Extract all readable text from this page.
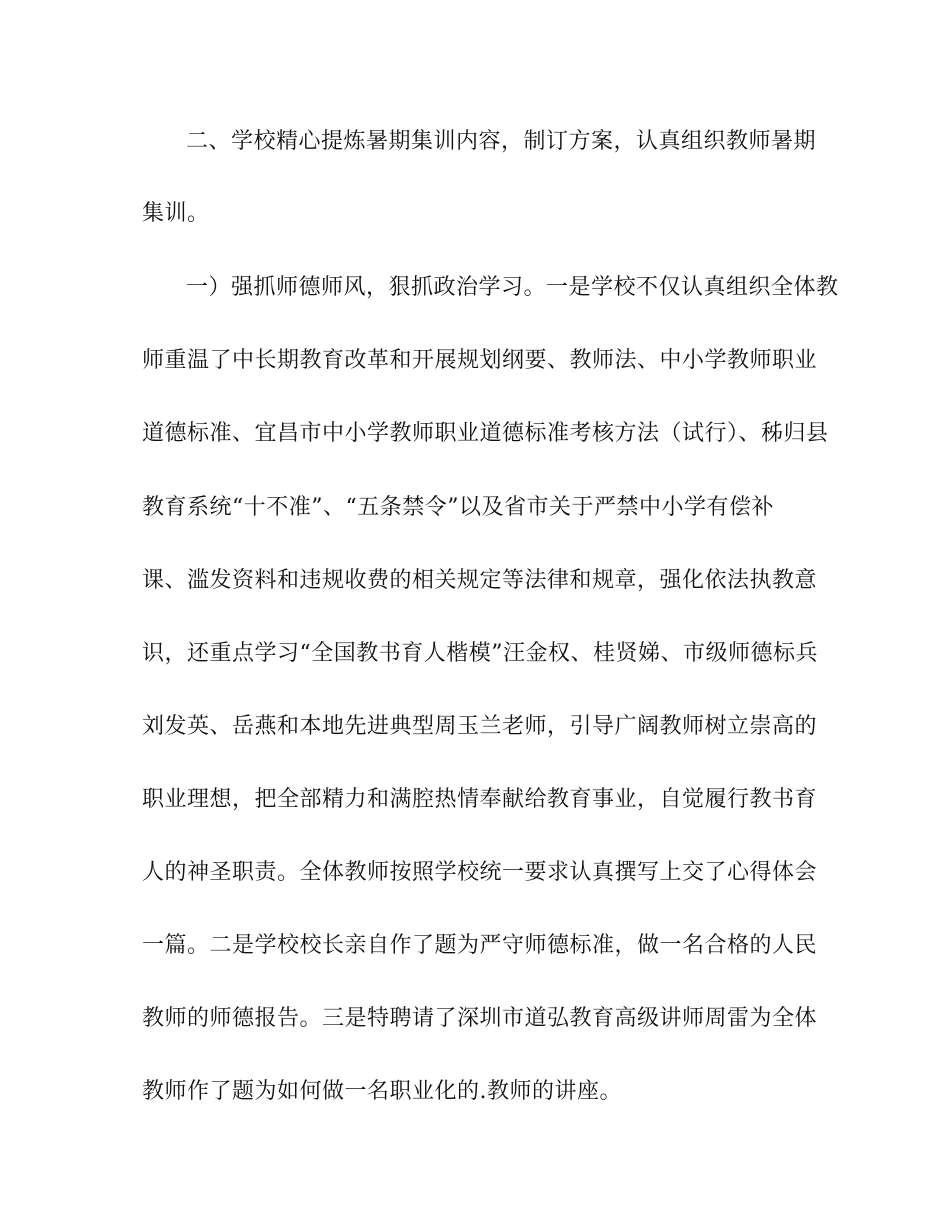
二、学校精心提炼暑期集训内容，制订方案，认真组织教师暑期
集训。
一）强抓师德师风，狠抓政治学习。一是学校不仅认真组织全体教
师重温了中长期教育改革和开展规划纲要、教师法、中小学教师职业
道德标准、宜昌市中小学教师职业道德标准考核方法（试行）、秭归县
教育系统“十不准”、“五条禁令”以及省市关于严禁中小学有偿补
课、滥发资料和违规收费的相关规定等法律和规章，强化依法执教意
识，还重点学习“全国教书育人楷模”汪金权、桂贤娣、市级师德标兵
刘发英、岳燕和本地先进典型周玉兰老师，引导广阔教师树立崇高的
职业理想，把全部精力和满腔热情奉献给教育事业，自觉履行教书育
人的神圣职责。全体教师按照学校统一要求认真撰写上交了心得体会
一篇。二是学校校长亲自作了题为严守师德标准，做一名合格的人民
教师的师德报告。三是特聘请了深圳市道弘教育高级讲师周雷为全体
教师作了题为如何做一名职业化的.教师的讲座。
